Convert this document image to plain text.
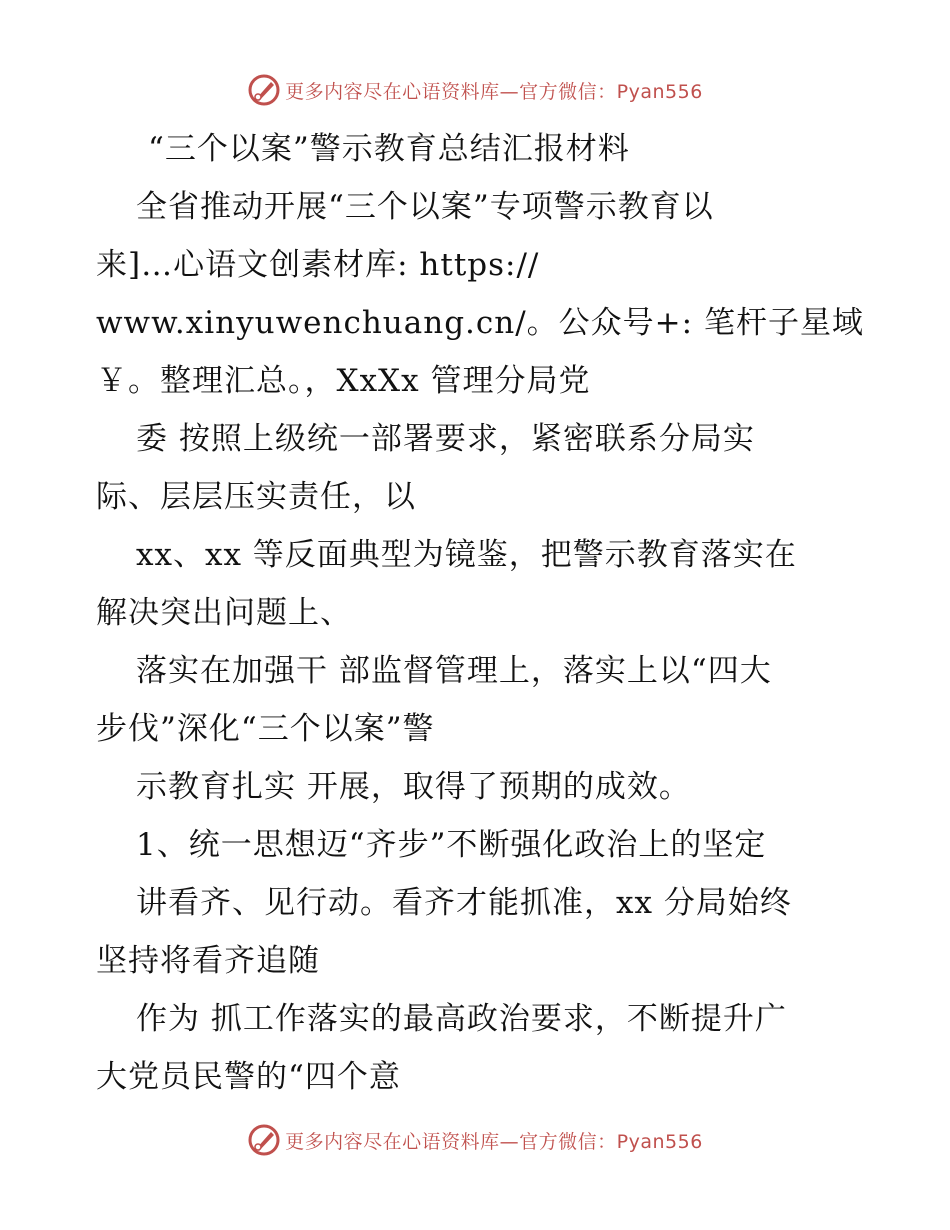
更多内容尽在心语资料库—官方微信：Pyan556
“三个以案”警示教育总结汇报材料
全省推动开展“三个以案”专项警示教育以
来]…心语文创素材库: https://
www.xinyuwenchuang.cn/。公众号+: 笔杆子星域
￥。整理汇总。，XxXx 管理分局党
委 按照上级统一部署要求，紧密联系分局实
际、层层压实责任，以
xx、xx 等反面典型为镜鉴，把警示教育落实在
解决突出问题上、
落实在加强干 部监督管理上，落实上以“四大
步伐”深化“三个以案”警
示教育扎实 开展，取得了预期的成效。
1、统一思想迈“齐步”不断强化政治上的坚定
讲看齐、见行动。看齐才能抓准，xx 分局始终
坚持将看齐追随
作为 抓工作落实的最高政治要求，不断提升广
大党员民警的“四个意
更多内容尽在心语资料库—官方微信：Pyan556
